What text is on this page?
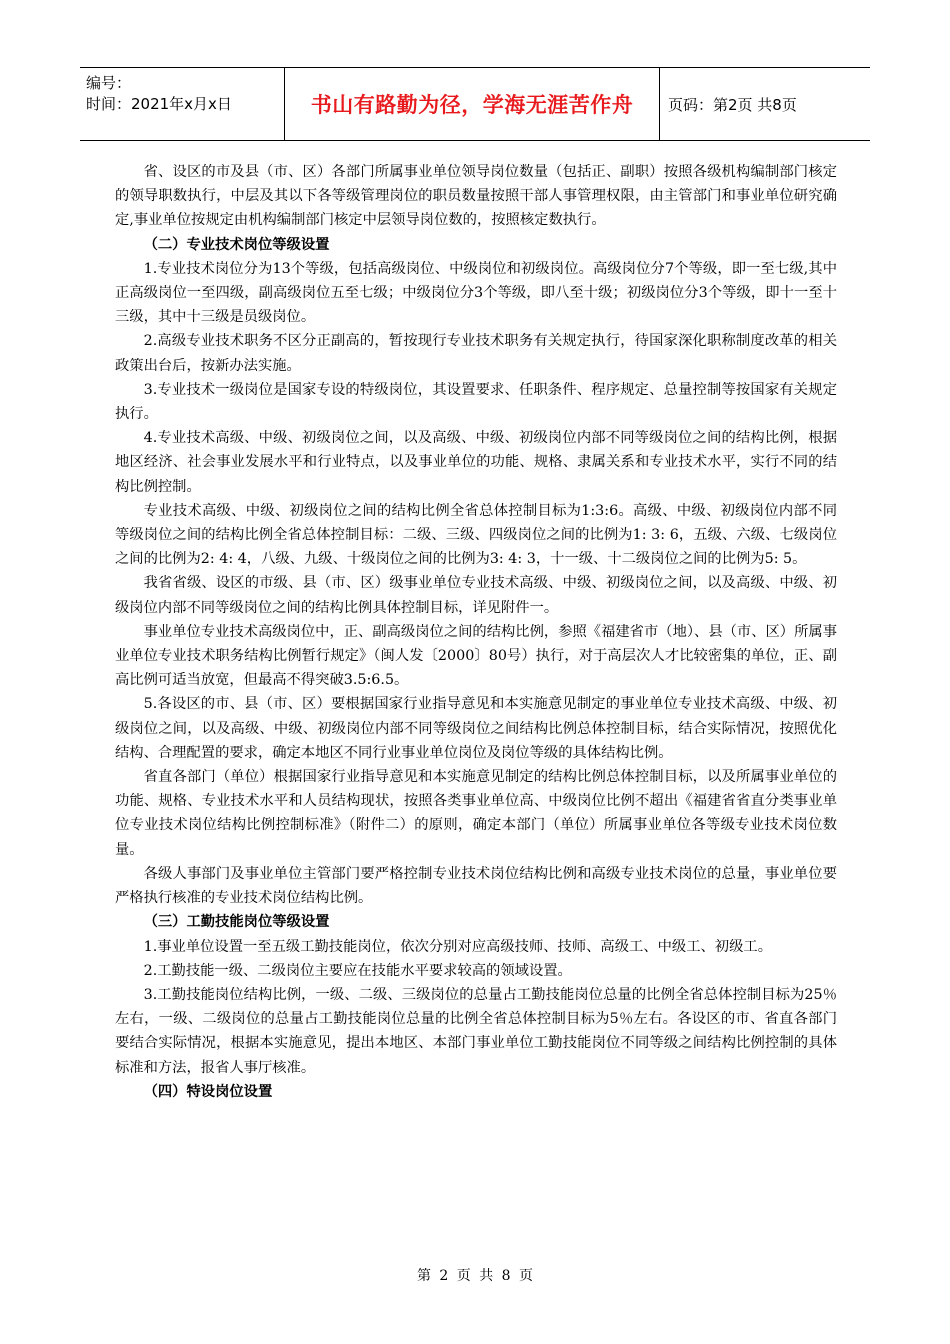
编号：
时间：2021年x月x日	书山有路勤为径，学海无涯苦作舟 页码：第2页 共8页

省、设区的市及县（市、区）各部门所属事业单位领导岗位数量（包括正、副职）按照各级机构编制部门核定的领导职数执行，中层及其以下各等级管理岗位的职员数量按照干部人事管理权限，由主管部门和事业单位研究确定,事业单位按规定由机构编制部门核定中层领导岗位数的，按照核定数执行。

（二）专业技术岗位等级设置

1.专业技术岗位分为13个等级，包括高级岗位、中级岗位和初级岗位。高级岗位分7个等级，即一至七级,其中正高级岗位一至四级，副高级岗位五至七级；中级岗位分3个等级，即八至十级；初级岗位分3个等级，即十一至十三级，其中十三级是员级岗位。

2.高级专业技术职务不区分正副高的，暂按现行专业技术职务有关规定执行，待国家深化职称制度改革的相关政策出台后，按新办法实施。

3.专业技术一级岗位是国家专设的特级岗位，其设置要求、任职条件、程序规定、总量控制等按国家有关规定执行。

4.专业技术高级、中级、初级岗位之间，以及高级、中级、初级岗位内部不同等级岗位之间的结构比例，根据地区经济、社会事业发展水平和行业特点，以及事业单位的功能、规格、隶属关系和专业技术水平，实行不同的结构比例控制。

专业技术高级、中级、初级岗位之间的结构比例全省总体控制目标为1:3:6。高级、中级、初级岗位内部不同等级岗位之间的结构比例全省总体控制目标：二级、三级、四级岗位之间的比例为1: 3: 6，五级、六级、七级岗位之间的比例为2: 4: 4，八级、九级、十级岗位之间的比例为3: 4: 3，十一级、十二级岗位之间的比例为5: 5。

我省省级、设区的市级、县（市、区）级事业单位专业技术高级、中级、初级岗位之间，以及高级、中级、初级岗位内部不同等级岗位之间的结构比例具体控制目标，详见附件一。

事业单位专业技术高级岗位中，正、副高级岗位之间的结构比例，参照《福建省市（地）、县（市、区）所属事业单位专业技术职务结构比例暂行规定》（闽人发〔2000〕80号）执行，对于高层次人才比较密集的单位，正、副高比例可适当放宽，但最高不得突破3.5:6.5。

5.各设区的市、县（市、区）要根据国家行业指导意见和本实施意见制定的事业单位专业技术高级、中级、初级岗位之间，以及高级、中级、初级岗位内部不同等级岗位之间结构比例总体控制目标，结合实际情况，按照优化结构、合理配置的要求，确定本地区不同行业事业单位岗位及岗位等级的具体结构比例。

省直各部门（单位）根据国家行业指导意见和本实施意见制定的结构比例总体控制目标，以及所属事业单位的功能、规格、专业技术水平和人员结构现状，按照各类事业单位高、中级岗位比例不超出《福建省省直分类事业单位专业技术岗位结构比例控制标准》（附件二）的原则，确定本部门（单位）所属事业单位各等级专业技术岗位数量。

各级人事部门及事业单位主管部门要严格控制专业技术岗位结构比例和高级专业技术岗位的总量，事业单位要严格执行核准的专业技术岗位结构比例。

（三）工勤技能岗位等级设置

1.事业单位设置一至五级工勤技能岗位，依次分别对应高级技师、技师、高级工、中级工、初级工。

2.工勤技能一级、二级岗位主要应在技能水平要求较高的领域设置。

3.工勤技能岗位结构比例，一级、二级、三级岗位的总量占工勤技能岗位总量的比例全省总体控制目标为25％左右，一级、二级岗位的总量占工勤技能岗位总量的比例全省总体控制目标为5％左右。各设区的市、省直各部门要结合实际情况，根据本实施意见，提出本地区、本部门事业单位工勤技能岗位不同等级之间结构比例控制的具体标准和方法，报省人事厅核准。

（四）特设岗位设置
第 2 页 共 8 页
